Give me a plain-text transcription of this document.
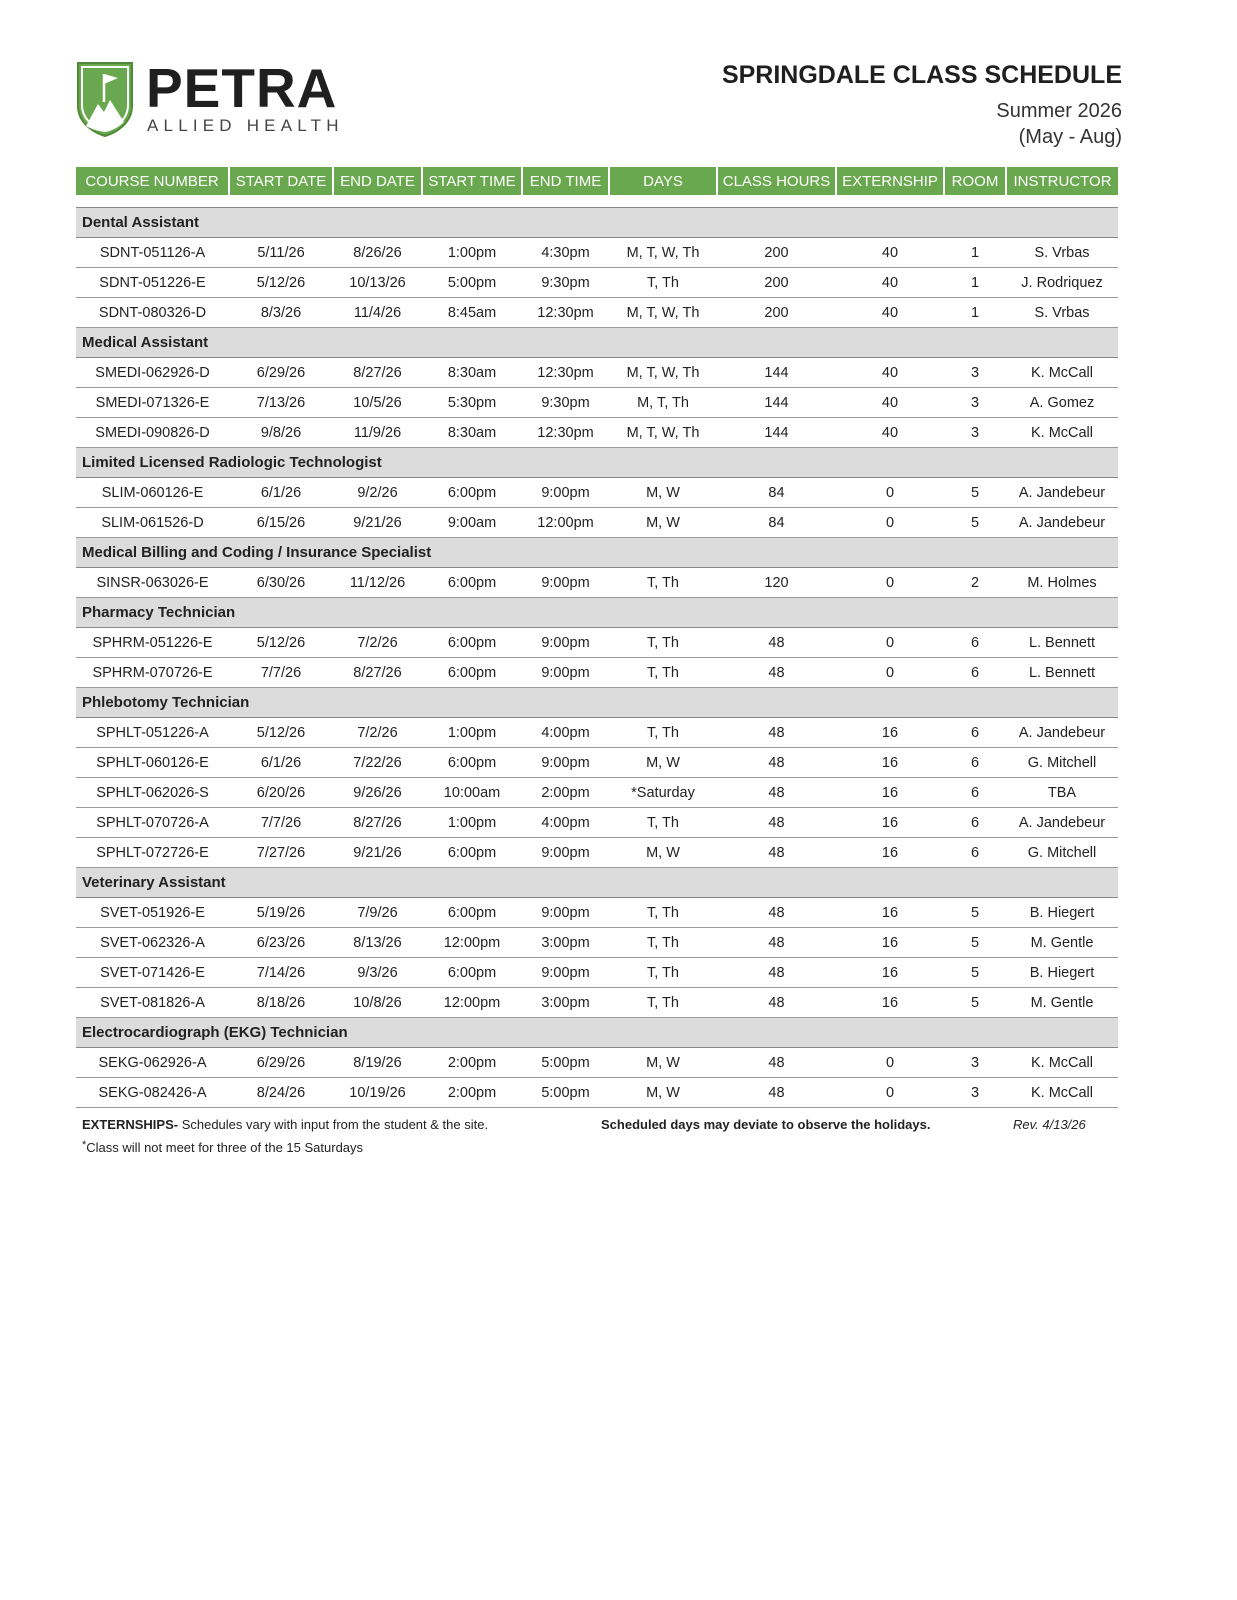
PETRA
ALLIED HEALTH
SPRINGDALE CLASS SCHEDULE
Summer 2026
(May - Aug)
COURSE NUMBER	START DATE	END DATE	START TIME	END TIME	DAYS	CLASS HOURS	EXTERNSHIP	ROOM	INSTRUCTOR

Dental Assistant									
SDNT-051126-A	5/11/26	8/26/26	1:00pm	4:30pm	M, T, W, Th	200	40	1	S. Vrbas
SDNT-051226-E	5/12/26	10/13/26	5:00pm	9:30pm	T, Th	200	40	1	J. Rodriquez
SDNT-080326-D	8/3/26	11/4/26	8:45am	12:30pm	M, T, W, Th	200	40	1	S. Vrbas
Medical Assistant									
SMEDI-062926-D	6/29/26	8/27/26	8:30am	12:30pm	M, T, W, Th	144	40	3	K. McCall
SMEDI-071326-E	7/13/26	10/5/26	5:30pm	9:30pm	M, T, Th	144	40	3	A. Gomez
SMEDI-090826-D	9/8/26	11/9/26	8:30am	12:30pm	M, T, W, Th	144	40	3	K. McCall
Limited Licensed Radiologic Technologist									
SLIM-060126-E	6/1/26	9/2/26	6:00pm	9:00pm	M, W	84	0	5	A. Jandebeur
SLIM-061526-D	6/15/26	9/21/26	9:00am	12:00pm	M, W	84	0	5	A. Jandebeur
Medical Billing and Coding / Insurance Specialist									
SINSR-063026-E	6/30/26	11/12/26	6:00pm	9:00pm	T, Th	120	0	2	M. Holmes
Pharmacy Technician									
SPHRM-051226-E	5/12/26	7/2/26	6:00pm	9:00pm	T, Th	48	0	6	L. Bennett
SPHRM-070726-E	7/7/26	8/27/26	6:00pm	9:00pm	T, Th	48	0	6	L. Bennett
Phlebotomy Technician									
SPHLT-051226-A	5/12/26	7/2/26	1:00pm	4:00pm	T, Th	48	16	6	A. Jandebeur
SPHLT-060126-E	6/1/26	7/22/26	6:00pm	9:00pm	M, W	48	16	6	G. Mitchell
SPHLT-062026-S	6/20/26	9/26/26	10:00am	2:00pm	*Saturday	48	16	6	TBA
SPHLT-070726-A	7/7/26	8/27/26	1:00pm	4:00pm	T, Th	48	16	6	A. Jandebeur
SPHLT-072726-E	7/27/26	9/21/26	6:00pm	9:00pm	M, W	48	16	6	G. Mitchell
Veterinary Assistant									
SVET-051926-E	5/19/26	7/9/26	6:00pm	9:00pm	T, Th	48	16	5	B. Hiegert
SVET-062326-A	6/23/26	8/13/26	12:00pm	3:00pm	T, Th	48	16	5	M. Gentle
SVET-071426-E	7/14/26	9/3/26	6:00pm	9:00pm	T, Th	48	16	5	B. Hiegert
SVET-081826-A	8/18/26	10/8/26	12:00pm	3:00pm	T, Th	48	16	5	M. Gentle
Electrocardiograph (EKG) Technician									
SEKG-062926-A	6/29/26	8/19/26	2:00pm	5:00pm	M, W	48	0	3	K. McCall
SEKG-082426-A	8/24/26	10/19/26	2:00pm	5:00pm	M, W	48	0	3	K. McCall
EXTERNSHIPS- Schedules vary with input from the student & the site.	Scheduled days may deviate to observe the holidays.	Rev. 4/13/26
*Class will not meet for three of the 15 Saturdays
